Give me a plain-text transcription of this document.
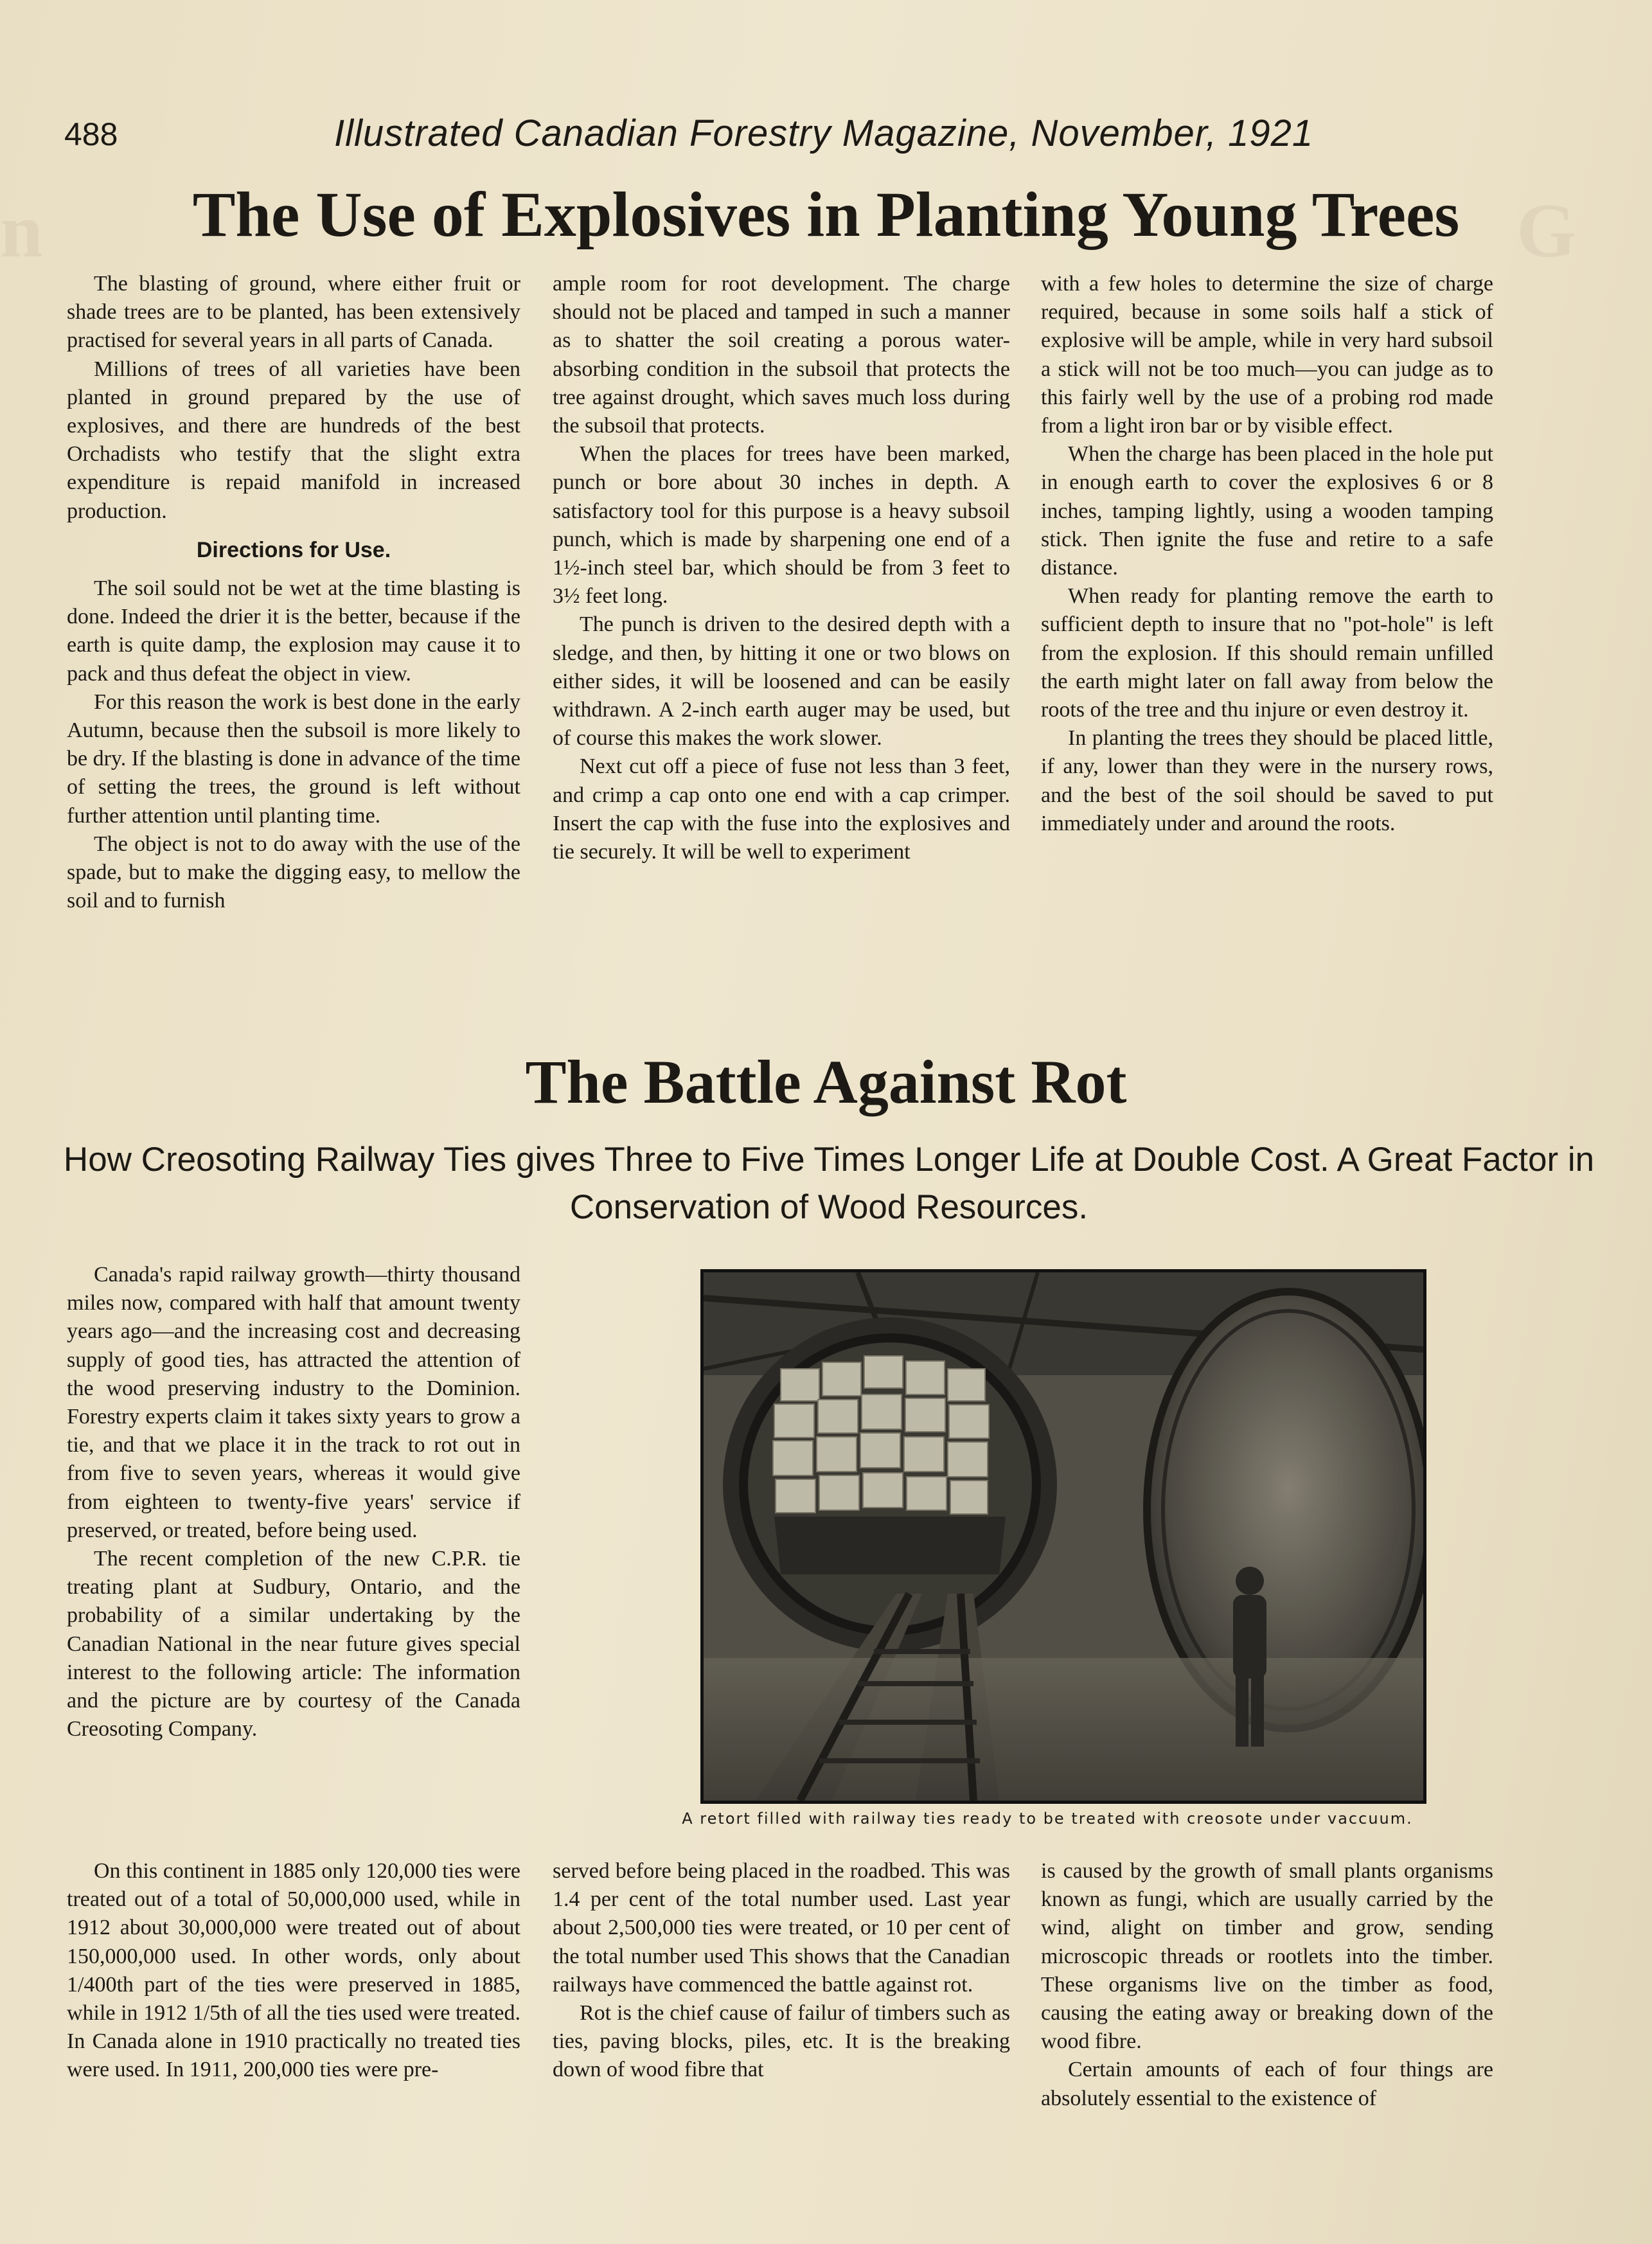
G
n
488	Illustrated Canadian Forestry Magazine, November, 1921
The Use of Explosives in Planting Young Trees

The blasting of ground, where either fruit or shade trees are to be planted, has been extensively practised for several years in all parts of Canada.

Millions of trees of all varieties have been planted in ground prepared by the use of explosives, and there are hundreds of the best Orchadists who testify that the slight extra expenditure is repaid manifold in increased production.

Directions for Use.

The soil sould not be wet at the time blasting is done. Indeed the drier it is the better, because if the earth is quite damp, the explosion may cause it to pack and thus defeat the object in view.

For this reason the work is best done in the early Autumn, because then the subsoil is more likely to be dry. If the blasting is done in advance of the time of setting the trees, the ground is left without further attention until planting time.

The object is not to do away with the use of the spade, but to make the digging easy, to mellow the soil and to furnish

ample room for root development. The charge should not be placed and tamped in such a manner as to shatter the soil creating a porous water-absorbing condition in the subsoil that protects the tree against drought, which saves much loss during the subsoil that protects.

When the places for trees have been marked, punch or bore about 30 inches in depth. A satisfactory tool for this purpose is a heavy subsoil punch, which is made by sharpening one end of a 1½-inch steel bar, which should be from 3 feet to 3½ feet long.

The punch is driven to the desired depth with a sledge, and then, by hitting it one or two blows on either sides, it will be loosened and can be easily withdrawn. A 2-inch earth auger may be used, but of course this makes the work slower.

Next cut off a piece of fuse not less than 3 feet, and crimp a cap onto one end with a cap crimper. Insert the cap with the fuse into the explosives and tie securely. It will be well to experiment

with a few holes to determine the size of charge required, because in some soils half a stick of explosive will be ample, while in very hard subsoil a stick will not be too much—you can judge as to this fairly well by the use of a probing rod made from a light iron bar or by visible effect.

When the charge has been placed in the hole put in enough earth to cover the explosives 6 or 8 inches, tamping lightly, using a wooden tamping stick. Then ignite the fuse and retire to a safe distance.

When ready for planting remove the earth to sufficient depth to insure that no "pot-hole" is left from the explosion. If this should remain unfilled the earth might later on fall away from below the roots of the tree and thu injure or even destroy it.

In planting the trees they should be placed little, if any, lower than they were in the nursery rows, and the best of the soil should be saved to put immediately under and around the roots.

The Battle Against Rot
How Creosoting Railway Ties gives Three to Five Times Longer Life at Double Cost. A Great Factor in Conservation of Wood Resources.

Canada's rapid railway growth—thirty thousand miles now, compared with half that amount twenty years ago—and the increasing cost and decreasing supply of good ties, has attracted the attention of the wood preserving industry to the Dominion. Forestry experts claim it takes sixty years to grow a tie, and that we place it in the track to rot out in from five to seven years, whereas it would give from eighteen to twenty-five years' service if preserved, or treated, before being used.

The recent completion of the new C.P.R. tie treating plant at Sudbury, Ontario, and the probability of a similar undertaking by the Canadian National in the near future gives special interest to the following article: The information and the picture are by courtesy of the Canada Creosoting Company.

A retort filled with railway ties ready to be treated with creosote under vaccuum.

On this continent in 1885 only 120,000 ties were treated out of a total of 50,000,000 used, while in 1912 about 30,000,000 were treated out of about 150,000,000 used. In other words, only about 1/400th part of the ties were preserved in 1885, while in 1912 1/5th of all the ties used were treated. In Canada alone in 1910 practically no treated ties were used. In 1911, 200,000 ties were pre-

served before being placed in the roadbed. This was 1.4 per cent of the total number used. Last year about 2,500,000 ties were treated, or 10 per cent of the total number used This shows that the Canadian railways have commenced the battle against rot.

Rot is the chief cause of failur of timbers such as ties, paving blocks, piles, etc. It is the breaking down of wood fibre that

is caused by the growth of small plants organisms known as fungi, which are usually carried by the wind, alight on timber and grow, sending microscopic threads or rootlets into the timber. These organisms live on the timber as food, causing the eating away or breaking down of the wood fibre.

Certain amounts of each of four things are absolutely essential to the existence of
